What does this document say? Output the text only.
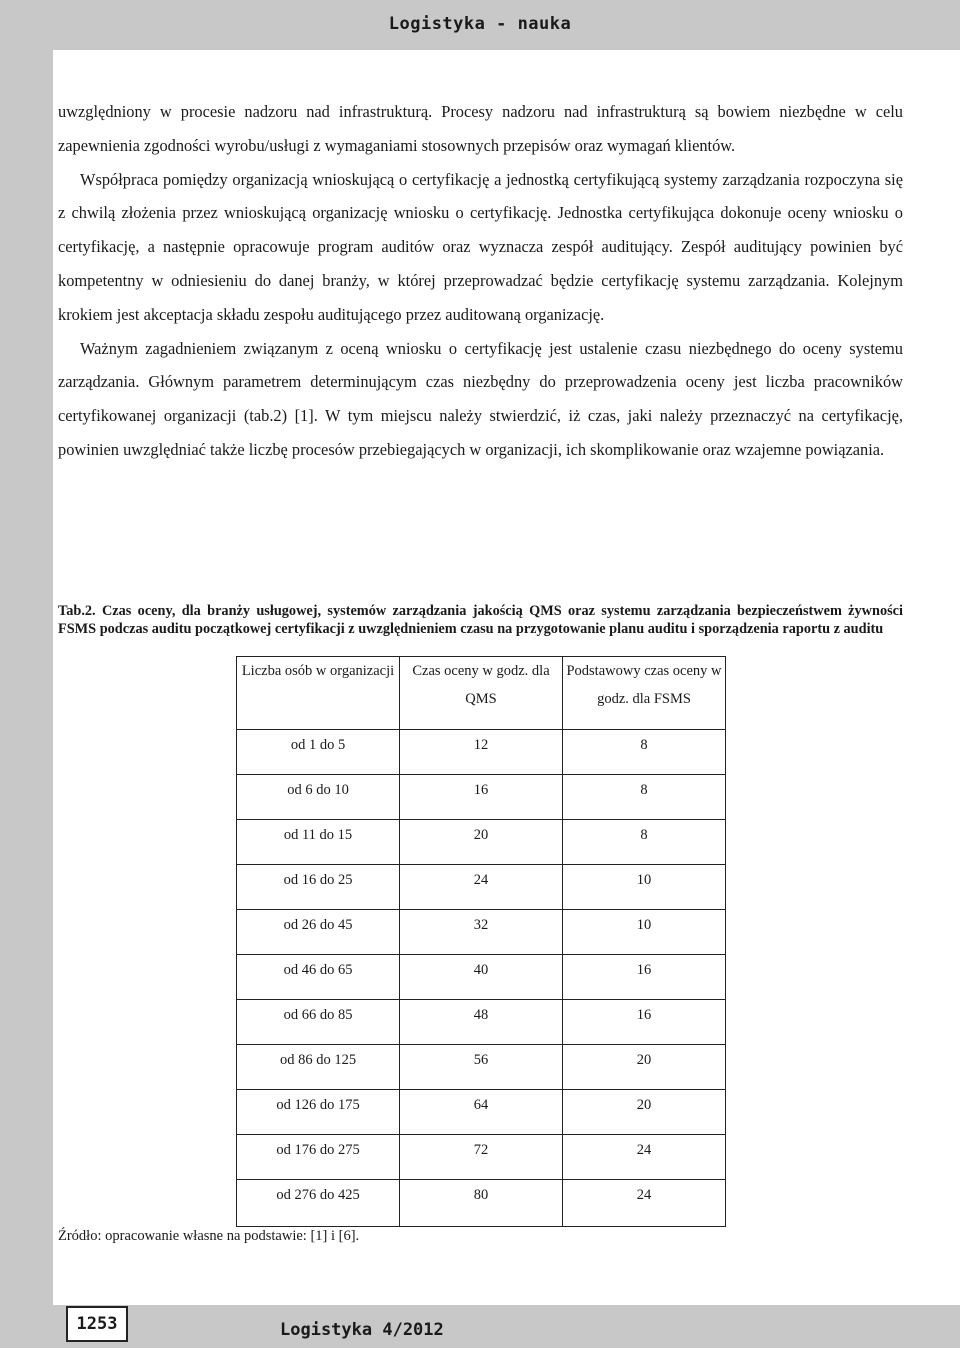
Logistyka - nauka

uwzględniony w procesie nadzoru nad infrastrukturą. Procesy nadzoru nad infrastrukturą są bowiem niezbędne w celu zapewnienia zgodności wyrobu/usługi z wymaganiami stosownych przepisów oraz wymagań klientów.

Współpraca pomiędzy organizacją wnioskującą o certyfikację a jednostką certyfikującą systemy zarządzania rozpoczyna się z chwilą złożenia przez wnioskującą organizację wniosku o certyfikację. Jednostka certyfikująca dokonuje oceny wniosku o certyfikację, a następnie opracowuje program auditów oraz wyznacza zespół auditujący. Zespół auditujący powinien być kompetentny w odniesieniu do danej branży, w której przeprowadzać będzie certyfikację systemu zarządzania. Kolejnym krokiem jest akceptacja składu zespołu auditującego przez auditowaną organizację.

Ważnym zagadnieniem związanym z oceną wniosku o certyfikację jest ustalenie czasu niezbędnego do oceny systemu zarządzania. Głównym parametrem determinującym czas niezbędny do przeprowadzenia oceny jest liczba pracowników certyfikowanej organizacji (tab.2) [1]. W tym miejscu należy stwierdzić, iż czas, jaki należy przeznaczyć na certyfikację, powinien uwzględniać także liczbę procesów przebiegających w organizacji, ich skomplikowanie oraz wzajemne powiązania.

Tab.2. Czas oceny, dla branży usługowej, systemów zarządzania jakością QMS oraz systemu zarządzania bezpieczeństwem żywności FSMS podczas auditu początkowej certyfikacji z uwzględnieniem czasu na przygotowanie planu auditu i sporządzenia raportu z auditu
Liczba osób w organizacji	Czas oceny w godz. dla QMS	Podstawowy czas oceny w godz. dla FSMS
od 1 do 5	12	8
od 6 do 10	16	8
od 11 do 15	20	8
od 16 do 25	24	10
od 26 do 45	32	10
od 46 do 65	40	16
od 66 do 85	48	16
od 86 do 125	56	20
od 126 do 175	64	20
od 176 do 275	72	24
od 276 do 425	80	24
Źródło: opracowanie własne na podstawie: [1] i [6].
1253	Logistyka 4/2012
